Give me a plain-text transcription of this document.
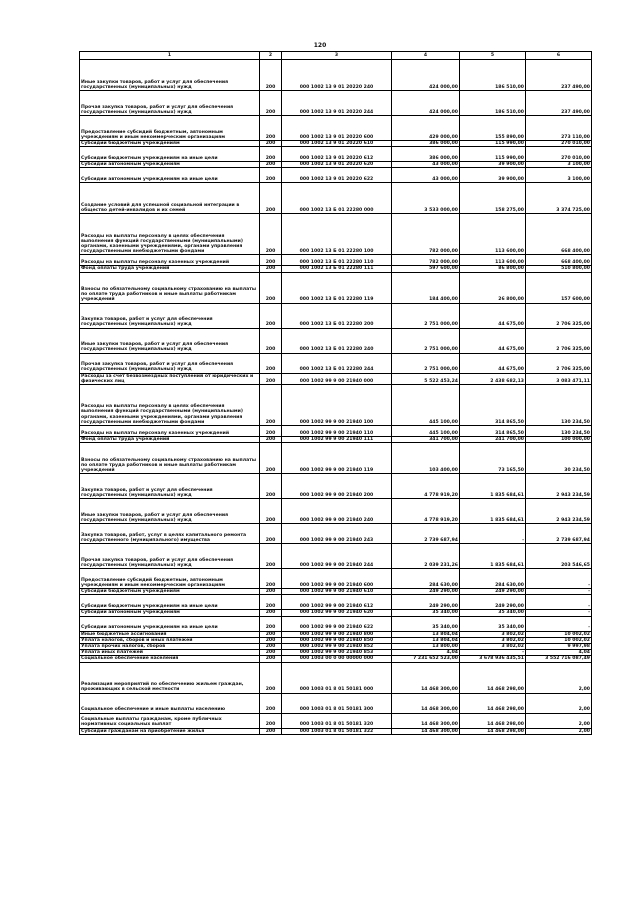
120
1	2	3	4	5	6
Иные закупки товаров, работ и услуг для обеспечения государственных (муниципальных) нужд	200	000 1002 13 9 01 20220 240	424 000,00	186 510,00	237 490,00
Прочая закупка товаров, работ и услуг для обеспечения государственных (муниципальных) нужд	200	000 1002 13 9 01 20220 244	424 000,00	186 510,00	237 490,00
Предоставление субсидий бюджетным, автономным учреждениям и иным некоммерческим организациям	200	000 1002 13 9 01 20220 600	429 000,00	155 890,00	273 110,00
Субсидии бюджетным учреждениям	200	000 1002 13 9 01 20220 610	386 000,00	115 990,00	270 010,00
Субсидии бюджетным учреждениям на иные цели	200	000 1002 13 9 01 20220 612	386 000,00	115 990,00	270 010,00
Субсидии автономным учреждениям	200	000 1002 13 9 01 20220 620	43 000,00	39 900,00	3 100,00
Субсидии автономным учреждениям на иные цели	200	000 1002 13 9 01 20220 622	43 000,00	39 900,00	3 100,00
Создание условий для успешной социальной интеграции в общество детей-инвалидов и их семей	200	000 1002 13 Б 01 22280 000	3 533 000,00	158 275,00	3 374 725,00
Расходы на выплаты персоналу в целях обеспечения выполнения функций государственными (муниципальными) органами, казенными учреждениями, органами управления государственными внебюджетными фондами	200	000 1002 13 Б 01 22280 100	782 000,00	113 600,00	668 400,00
Расходы на выплаты персоналу казенных учреждений	200	000 1002 13 Б 01 22280 110	782 000,00	113 600,00	668 400,00
Фонд оплаты труда учреждений	200	000 1002 13 Б 01 22280 111	597 600,00	86 800,00	510 800,00
Взносы по обязательному социальному страхованию на выплаты по оплате труда работников и иные выплаты работникам учреждений	200	000 1002 13 Б 01 22280 119	184 400,00	26 800,00	157 600,00
Закупка товаров, работ и услуг для обеспечения государственных (муниципальных) нужд	200	000 1002 13 Б 01 22280 200	2 751 000,00	44 675,00	2 706 325,00
Иные закупки товаров, работ и услуг для обеспечения государственных (муниципальных) нужд	200	000 1002 13 Б 01 22280 240	2 751 000,00	44 675,00	2 706 325,00
Прочая закупка товаров, работ и услуг для обеспечения государственных (муниципальных) нужд	200	000 1002 13 Б 01 22280 244	2 751 000,00	44 675,00	2 706 325,00
Расходы за счет безвозмездных поступлений от юридических и физических лиц	200	000 1002 99 9 00 21940 000	5 522 453,24	2 438 682,13	3 083 471,11
Расходы на выплаты персоналу в целях обеспечения выполнения функций государственными (муниципальными) органами, казенными учреждениями, органами управления государственными внебюджетными фондами	200	000 1002 99 9 00 21940 100	445 100,00	314 865,50	130 234,50
Расходы на выплаты персоналу казенных учреждений	200	000 1002 99 9 00 21940 110	445 100,00	314 865,50	130 234,50
Фонд оплаты труда учреждений	200	000 1002 99 9 00 21940 111	341 700,00	241 700,00	100 000,00
Взносы по обязательному социальному страхованию на выплаты по оплате труда работников и иные выплаты работникам учреждений	200	000 1002 99 9 00 21940 119	103 400,00	73 165,50	30 234,50
Закупка товаров, работ и услуг для обеспечения государственных (муниципальных) нужд	200	000 1002 99 9 00 21940 200	4 778 919,20	1 835 684,61	2 943 234,59
Иные закупки товаров, работ и услуг для обеспечения государственных (муниципальных) нужд	200	000 1002 99 9 00 21940 240	4 778 919,20	1 835 684,61	2 943 234,59
Закупка товаров, работ, услуг в целях капитального ремонта государственного (муниципального) имущества	200	000 1002 99 9 00 21940 243	2 739 687,94	-	2 739 687,94
Прочая закупка товаров, работ и услуг для обеспечения государственных (муниципальных) нужд	200	000 1002 99 9 00 21940 244	2 039 231,26	1 835 684,61	203 546,65
Предоставление субсидий бюджетным, автономным учреждениям и иным некоммерческим организациям	200	000 1002 99 9 00 21940 600	284 630,00	284 630,00	-
Субсидии бюджетным учреждениям	200	000 1002 99 9 00 21940 610	249 290,00	249 290,00	-
Субсидии бюджетным учреждениям на иные цели	200	000 1002 99 9 00 21940 612	249 290,00	249 290,00	-
Субсидии автономным учреждениям	200	000 1002 99 9 00 21940 620	35 340,00	35 340,00	-
Субсидии автономным учреждениям на иные цели	200	000 1002 99 9 00 21940 622	35 340,00	35 340,00	-
Иные бюджетные ассигнования	200	000 1002 99 9 00 21940 800	13 804,04	3 802,02	10 002,02
Уплата налогов, сборов и иных платежей	200	000 1002 99 9 00 21940 850	13 804,04	3 802,02	10 002,02
Уплата прочих налогов, сборов	200	000 1002 99 9 00 21940 852	13 800,00	3 802,02	9 997,98
Уплата иных платежей	200	000 1002 99 9 00 21940 853	4,04	-	4,04
Социальное обеспечение населения	200	000 1003 00 0 00 00000 000	7 231 652 523,00	3 678 936 435,51	3 552 716 087,49
Реализация мероприятий по обеспечению жильем граждан, проживающих в сельской местности	200	000 1003 01 8 01 50181 000	14 468 300,00	14 468 298,00	2,00
Социальное обеспечение и иные выплаты населению	200	000 1003 01 8 01 50181 300	14 468 300,00	14 468 298,00	2,00
Социальные выплаты гражданам, кроме публичных нормативных социальных выплат	200	000 1003 01 8 01 50181 320	14 468 300,00	14 468 298,00	2,00
Субсидии гражданам на приобретение жилья	200	000 1003 01 8 01 50181 322	14 468 300,00	14 468 298,00	2,00
